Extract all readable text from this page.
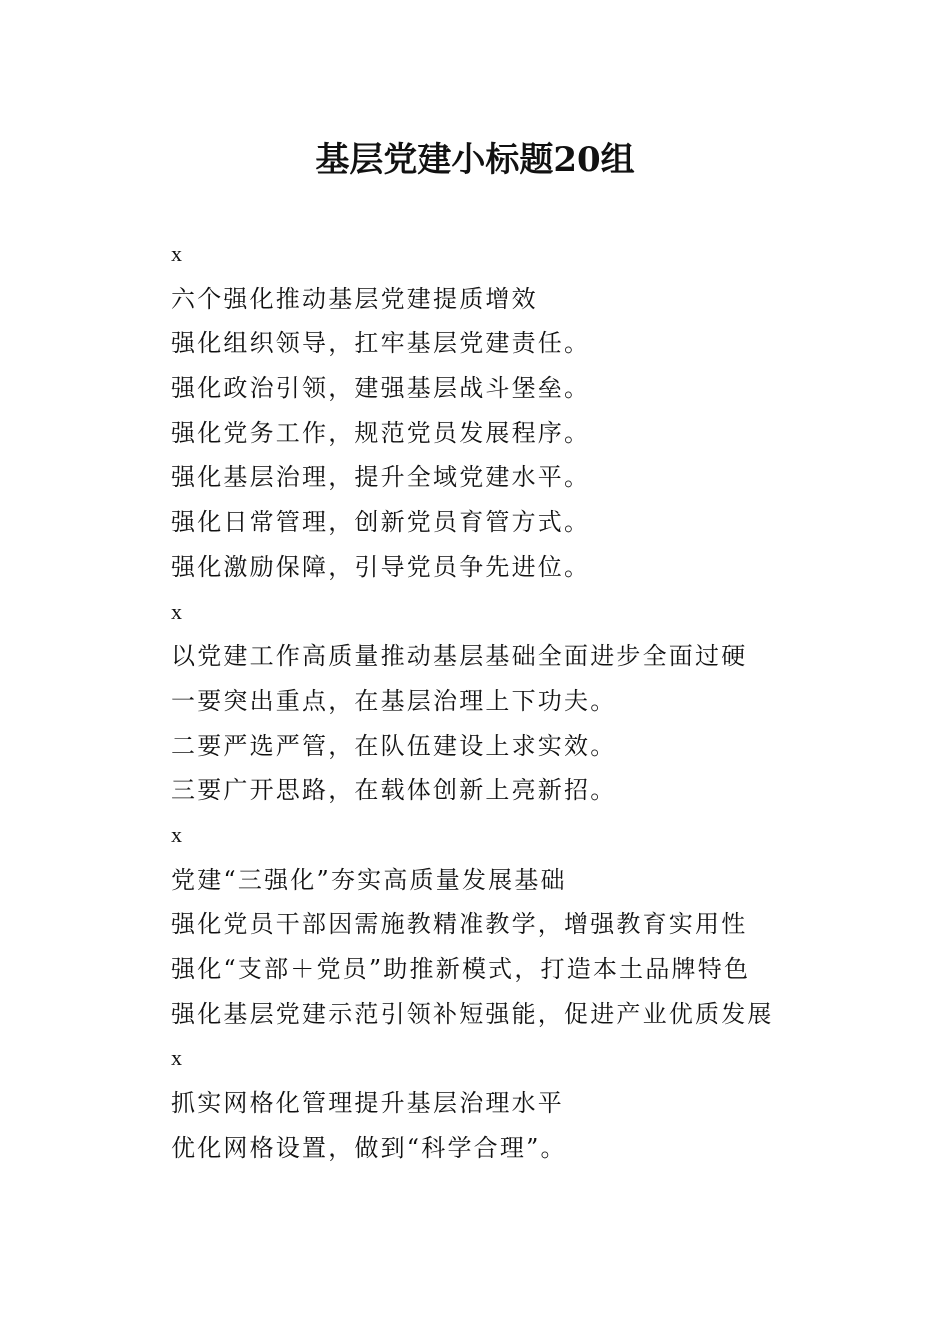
基层党建小标题20组

x

六个强化推动基层党建提质增效

强化组织领导，扛牢基层党建责任。

强化政治引领，建强基层战斗堡垒。

强化党务工作，规范党员发展程序。

强化基层治理，提升全域党建水平。

强化日常管理，创新党员育管方式。

强化激励保障，引导党员争先进位。

x

以党建工作高质量推动基层基础全面进步全面过硬

一要突出重点，在基层治理上下功夫。

二要严选严管，在队伍建设上求实效。

三要广开思路，在载体创新上亮新招。

x

党建“三强化”夯实高质量发展基础

强化党员干部因需施教精准教学，增强教育实用性

强化“支部＋党员”助推新模式，打造本土品牌特色

强化基层党建示范引领补短强能，促进产业优质发展

x

抓实网格化管理提升基层治理水平

优化网格设置，做到“科学合理”。
